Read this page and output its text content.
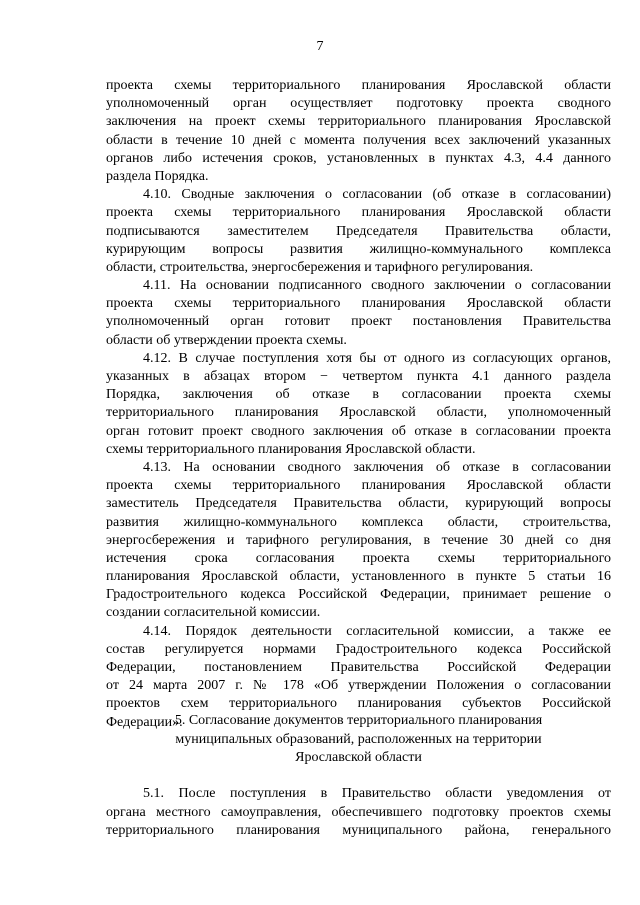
7
проекта схемы территориального планирования Ярославской области
уполномоченный орган осуществляет подготовку проекта сводного
заключения на проект схемы территориального планирования Ярославской
области в течение 10 дней с момента получения всех заключений указанных
органов либо истечения сроков, установленных в пунктах 4.3, 4.4 данного
раздела Порядка.
4.10. Сводные заключения о согласовании (об отказе в согласовании)
проекта схемы территориального планирования Ярославской области
подписываются заместителем Председателя Правительства области,
курирующим вопросы развития жилищно-коммунального комплекса
области, строительства, энергосбережения и тарифного регулирования.
4.11. На основании подписанного сводного заключении о согласовании
проекта схемы территориального планирования Ярославской области
уполномоченный орган готовит проект постановления Правительства
области об утверждении проекта схемы.
4.12. В случае поступления хотя бы от одного из согласующих органов,
указанных в абзацах втором − четвертом пункта 4.1 данного раздела
Порядка, заключения об отказе в согласовании проекта схемы
территориального планирования Ярославской области, уполномоченный
орган готовит проект сводного заключения об отказе в согласовании проекта
схемы территориального планирования Ярославской области.
4.13. На основании сводного заключения об отказе в согласовании
проекта схемы территориального планирования Ярославской области
заместитель Председателя Правительства области, курирующий вопросы
развития жилищно-коммунального комплекса области, строительства,
энергосбережения и тарифного регулирования, в течение 30 дней со дня
истечения срока согласования проекта схемы территориального
планирования Ярославской области, установленного в пункте 5 статьи 16
Градостроительного кодекса Российской Федерации, принимает решение о
создании согласительной комиссии.
4.14. Порядок деятельности согласительной комиссии, а также ее
состав регулируется нормами Градостроительного кодекса Российской
Федерации, постановлением Правительства Российской Федерации
от 24 марта 2007 г. № 178 «Об утверждении Положения о согласовании
проектов схем территориального планирования субъектов Российской
Федерации».
5. Согласование документов территориального планирования
муниципальных образований, расположенных на территории
Ярославской области
5.1. После поступления в Правительство области уведомления от
органа местного самоуправления, обеспечившего подготовку проектов схемы
территориального планирования муниципального района, генерального
